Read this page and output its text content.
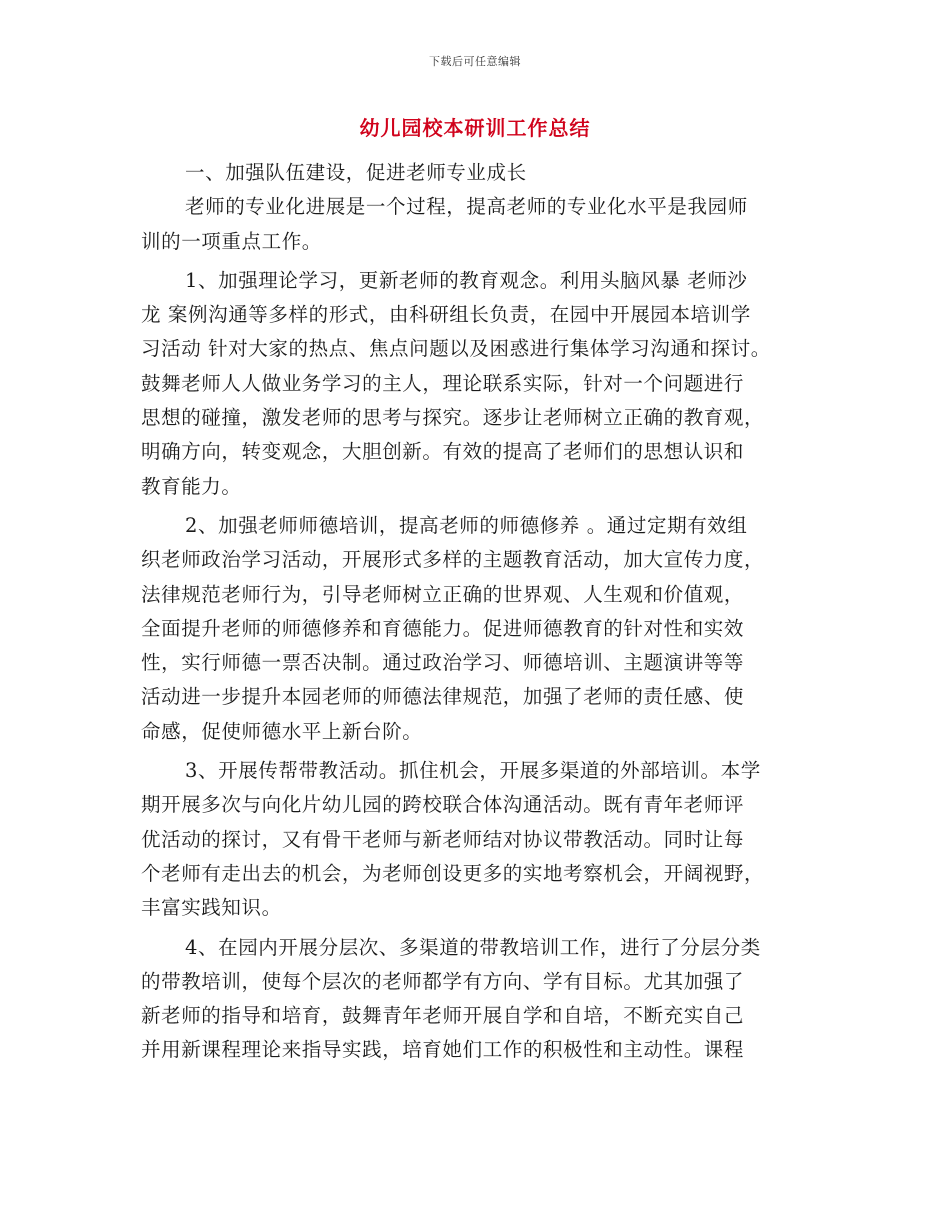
下载后可任意编辑
幼儿园校本研训工作总结
一、加强队伍建设，促进老师专业成长
老师的专业化进展是一个过程，提高老师的专业化水平是我园师
训的一项重点工作。
1、加强理论学习，更新老师的教育观念。利用头脑风暴 老师沙
龙 案例沟通等多样的形式，由科研组长负责，在园中开展园本培训学
习活动 针对大家的热点、焦点问题以及困惑进行集体学习沟通和探讨。
鼓舞老师人人做业务学习的主人，理论联系实际，针对一个问题进行
思想的碰撞，激发老师的思考与探究。逐步让老师树立正确的教育观，
明确方向，转变观念，大胆创新。有效的提高了老师们的思想认识和
教育能力。
2、加强老师师德培训，提高老师的师德修养 。通过定期有效组
织老师政治学习活动，开展形式多样的主题教育活动，加大宣传力度，
法律规范老师行为，引导老师树立正确的世界观、人生观和价值观，
全面提升老师的师德修养和育德能力。促进师德教育的针对性和实效
性，实行师德一票否决制。通过政治学习、师德培训、主题演讲等等
活动进一步提升本园老师的师德法律规范，加强了老师的责任感、使
命感，促使师德水平上新台阶。
3、开展传帮带教活动。抓住机会，开展多渠道的外部培训。本学
期开展多次与向化片幼儿园的跨校联合体沟通活动。既有青年老师评
优活动的探讨，又有骨干老师与新老师结对协议带教活动。同时让每
个老师有走出去的机会，为老师创设更多的实地考察机会，开阔视野，
丰富实践知识。
4、在园内开展分层次、多渠道的带教培训工作，进行了分层分类
的带教培训，使每个层次的老师都学有方向、学有目标。尤其加强了
新老师的指导和培育，鼓舞青年老师开展自学和自培，不断充实自己
并用新课程理论来指导实践，培育她们工作的积极性和主动性。课程
